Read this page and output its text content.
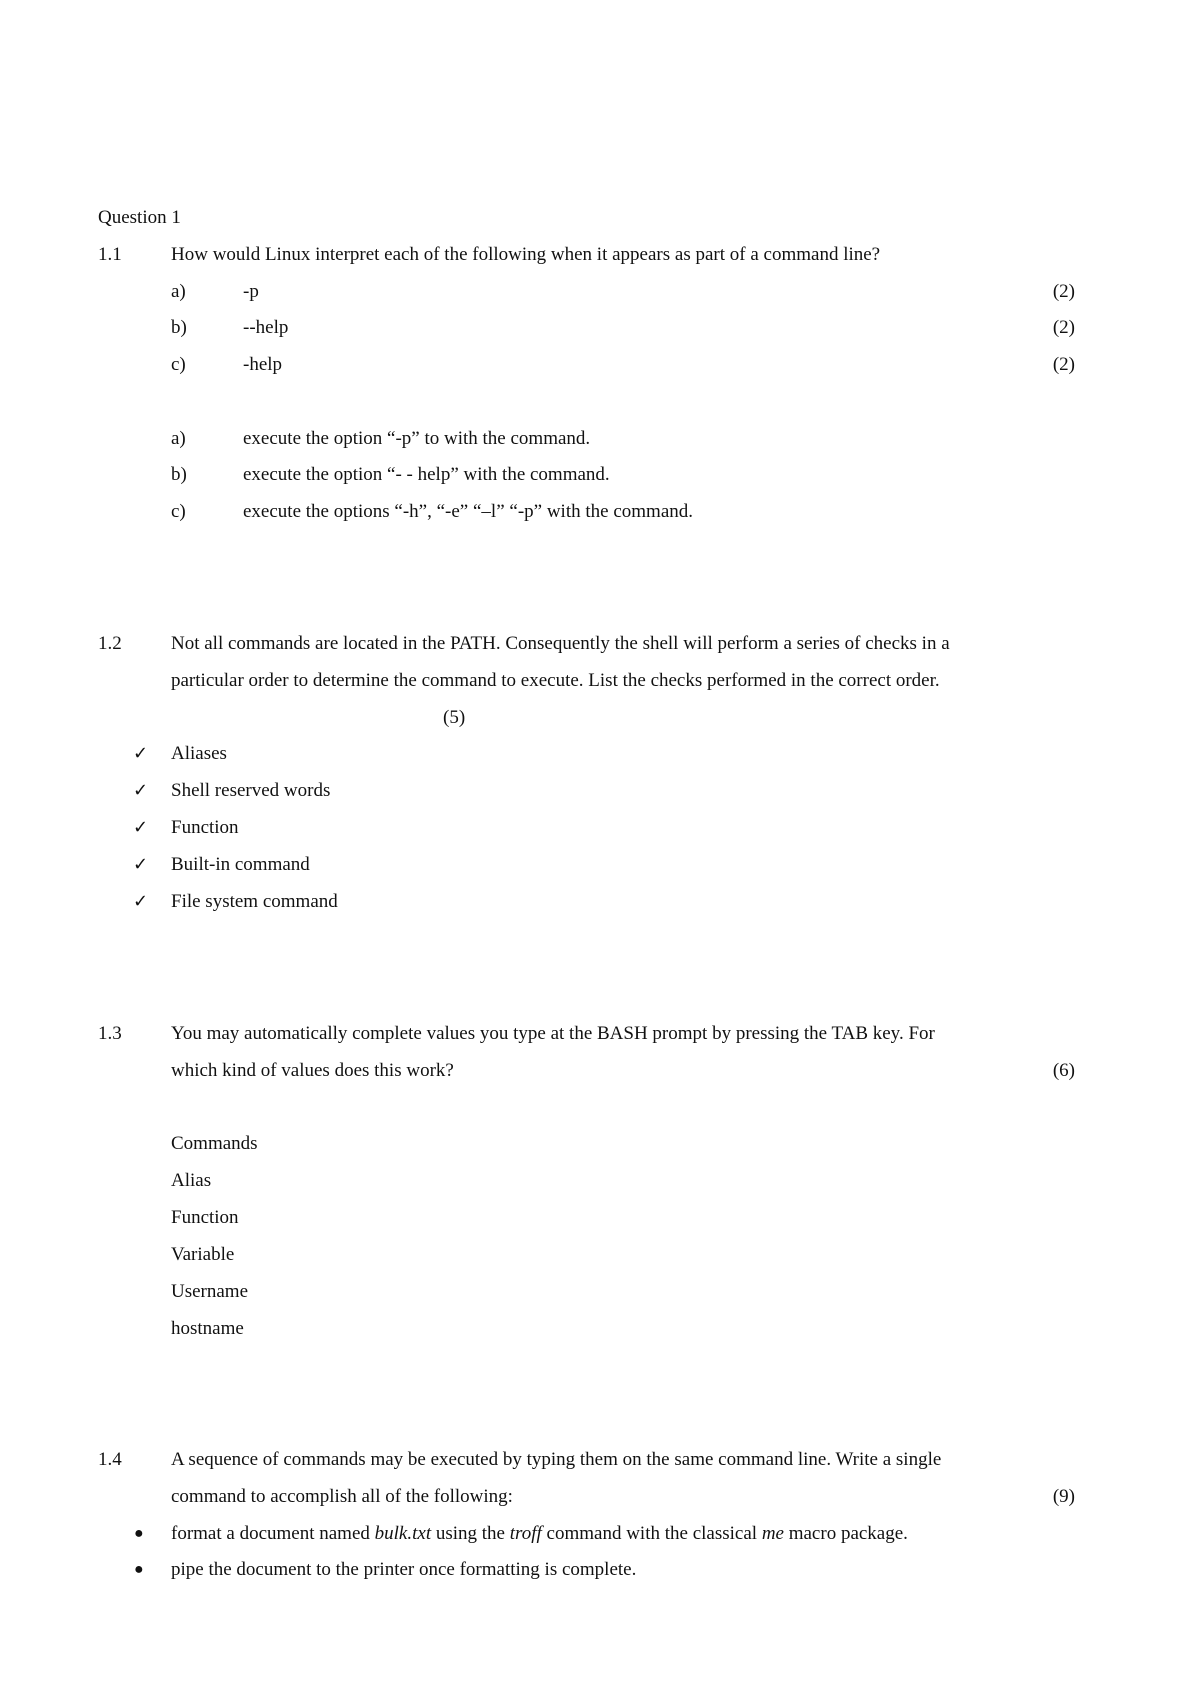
Question 1
1.1	How would Linux interpret each of the following when it appears as part of a command line?
a)	-p	(2)
b)	--help	(2)
c)	-help	(2)
a)	execute the option “-p” to with the command.
b)	execute the option “- - help” with the command.
c)	execute the options “-h”, “-e” “–l” “-p” with the command.
1.2	Not all commands are located in the PATH. Consequently the shell will perform a series of checks in a
particular order to determine the command to execute. List the checks performed in the correct order.
(5)
✓ Aliases
✓ Shell reserved words
✓ Function
✓ Built-in command
✓ File system command
1.3	You may automatically complete values you type at the BASH prompt by pressing the TAB key. For
which kind of values does this work?	(6)
Commands
Alias
Function
Variable
Username
hostname
1.4	A sequence of commands may be executed by typing them on the same command line. Write a single
command to accomplish all of the following:	(9)
● format a document named bulk.txt using the troff command with the classical me macro package.
● pipe the document to the printer once formatting is complete.
